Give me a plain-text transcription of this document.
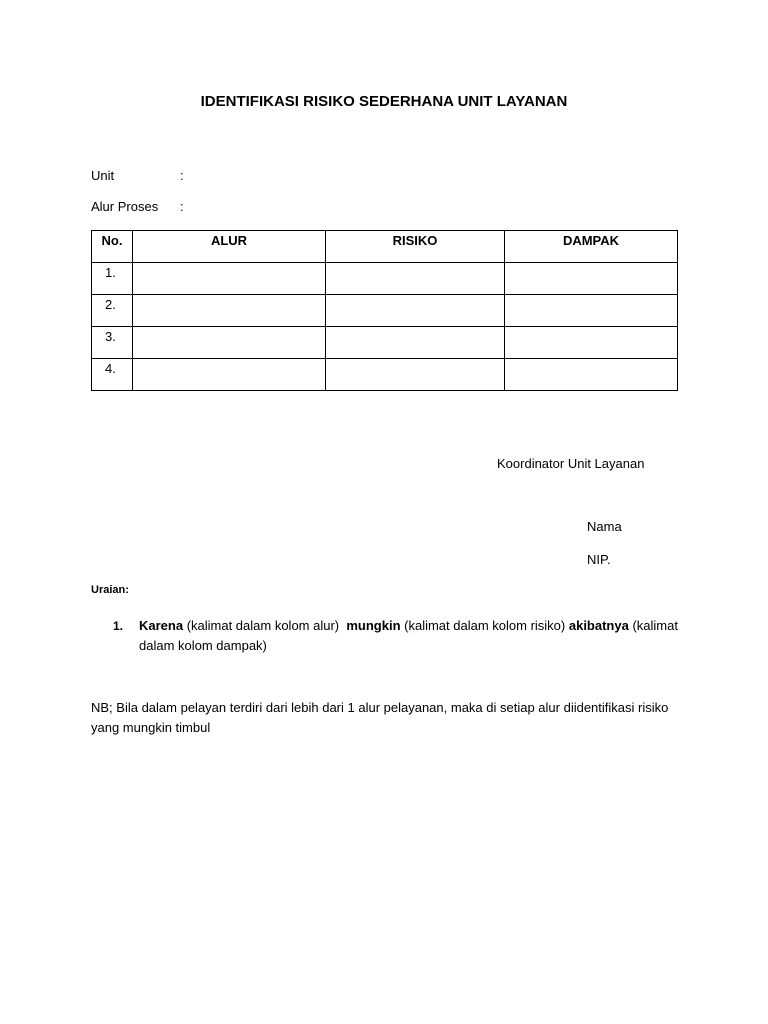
IDENTIFIKASI RISIKO SEDERHANA UNIT LAYANAN
Unit	:
Alur Proses :
No.	ALUR	RISIKO	DAMPAK
1.			
2.			
3.			
4.			
Koordinator Unit Layanan
Nama
NIP.
Uraian:
1. Karena (kalimat dalam kolom alur)  mungkin (kalimat dalam kolom risiko) akibatnya (kalimat dalam kolom dampak)
NB; Bila dalam pelayan terdiri dari lebih dari 1 alur pelayanan, maka di setiap alur diidentifikasi risiko yang mungkin timbul
